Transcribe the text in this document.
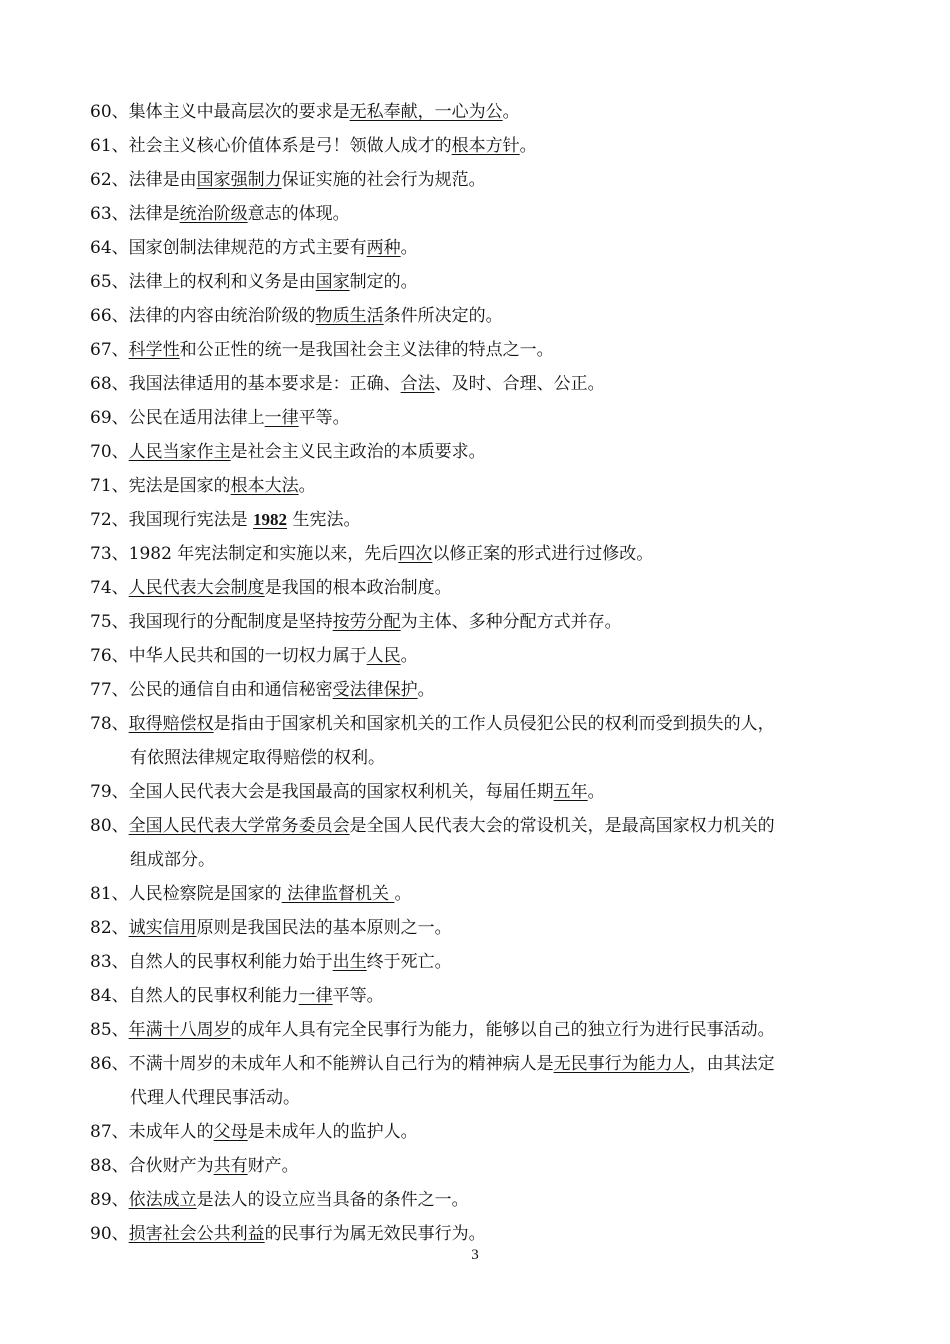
60、集体主义中最高层次的要求是无私奉献，一心为公。
61、社会主义核心价值体系是弓！领做人成才的根本方针。
62、法律是由国家强制力保证实施的社会行为规范。
63、法律是统治阶级意志的体现。
64、国家创制法律规范的方式主要有两种。
65、法律上的权利和义务是由国家制定的。
66、法律的内容由统治阶级的物质生活条件所决定的。
67、科学性和公正性的统一是我国社会主义法律的特点之一。
68、我国法律适用的基本要求是：正确、合法、及时、合理、公正。
69、公民在适用法律上一律平等。
70、人民当家作主是社会主义民主政治的本质要求。
71、宪法是国家的根本大法。
72、我国现行宪法是 1982 生宪法。
73、1982 年宪法制定和实施以来，先后四次以修正案的形式进行过修改。
74、人民代表大会制度是我国的根本政治制度。
75、我国现行的分配制度是坚持按劳分配为主体、多种分配方式并存。
76、中华人民共和国的一切权力属于人民。
77、公民的通信自由和通信秘密受法律保护。
78、取得赔偿权是指由于国家机关和国家机关的工作人员侵犯公民的权利而受到损失的人，
有依照法律规定取得赔偿的权利。
79、全国人民代表大会是我国最高的国家权利机关，每届任期五年。
80、全国人民代表大学常务委员会是全国人民代表大会的常设机关，是最高国家权力机关的
组成部分。
81、人民检察院是国家的 法律监督机关 。
82、诚实信用原则是我国民法的基本原则之一。
83、自然人的民事权利能力始于出生终于死亡。
84、自然人的民事权利能力一律平等。
85、年满十八周岁的成年人具有完全民事行为能力，能够以自己的独立行为进行民事活动。
86、不满十周岁的未成年人和不能辨认自己行为的精神病人是无民事行为能力人，由其法定
代理人代理民事活动。
87、未成年人的父母是未成年人的监护人。
88、合伙财产为共有财产。
89、依法成立是法人的设立应当具备的条件之一。
90、损害社会公共利益的民事行为属无效民事行为。
3
